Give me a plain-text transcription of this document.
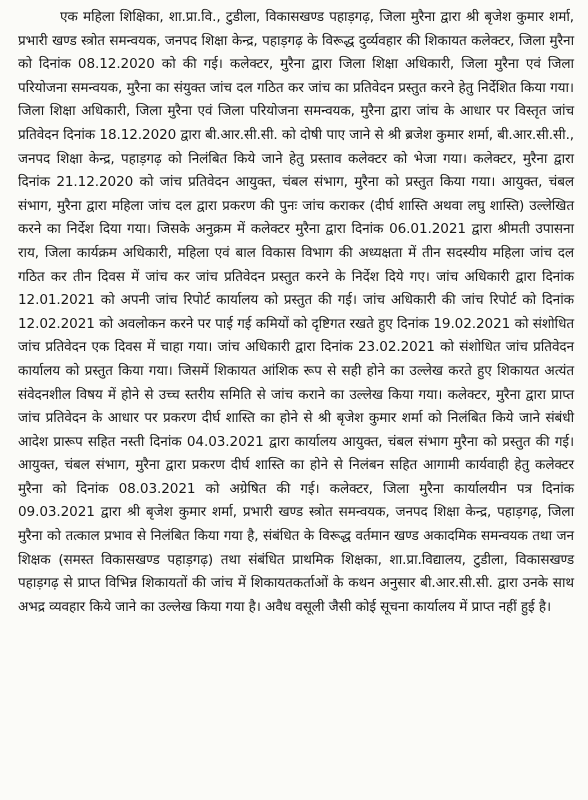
एक महिला शिक्षिका, शा.प्रा.वि., टुडीला, विकासखण्ड पहाड़गढ़, जिला मुरैना द्वारा श्री बृजेश कुमार शर्मा, प्रभारी खण्ड स्त्रोत समन्वयक, जनपद शिक्षा केन्द्र, पहाड़गढ़ के विरूद्ध दुर्व्यवहार की शिकायत कलेक्टर, जिला मुरैना को दिनांक 08.12.2020 को की गई। कलेक्टर, मुरैना द्वारा जिला शिक्षा अधिकारी, जिला मुरैना एवं जिला परियोजना समन्वयक, मुरैना का संयुक्त जांच दल गठित कर जांच का प्रतिवेदन प्रस्तुत करने हेतु निर्देशित किया गया। जिला शिक्षा अधिकारी, जिला मुरैना एवं जिला परियोजना समन्वयक, मुरैना द्वारा जांच के आधार पर विस्तृत जांच प्रतिवेदन दिनांक 18.12.2020 द्वारा बी.आर.सी.सी. को दोषी पाए जाने से श्री ब्रजेश कुमार शर्मा, बी.आर.सी.सी., जनपद शिक्षा केन्द्र, पहाड़गढ़ को निलंबित किये जाने हेतु प्रस्ताव कलेक्टर को भेजा गया। कलेक्टर, मुरैना द्वारा दिनांक 21.12.2020 को जांच प्रतिवेदन आयुक्त, चंबल संभाग, मुरैना को प्रस्तुत किया गया। आयुक्त, चंबल संभाग, मुरैना द्वारा महिला जांच दल द्वारा प्रकरण की पुनः जांच कराकर (दीर्घ शास्ति अथवा लघु शास्ति) उल्लेखित करने का निर्देश दिया गया। जिसके अनुक्रम में कलेक्टर मुरैना द्वारा दिनांक 06.01.2021 द्वारा श्रीमती उपासना राय, जिला कार्यक्रम अधिकारी, महिला एवं बाल विकास विभाग की अध्यक्षता में तीन सदस्यीय महिला जांच दल गठित कर तीन दिवस में जांच कर जांच प्रतिवेदन प्रस्तुत करने के निर्देश दिये गए। जांच अधिकारी द्वारा दिनांक 12.01.2021 को अपनी जांच रिपोर्ट कार्यालय को प्रस्तुत की गई। जांच अधिकारी की जांच रिपोर्ट को दिनांक 12.02.2021 को अवलोकन करने पर पाई गई कमियों को दृष्टिगत रखते हुए दिनांक 19.02.2021 को संशोधित जांच प्रतिवेदन एक दिवस में चाहा गया। जांच अधिकारी द्वारा दिनांक 23.02.2021 को संशोधित जांच प्रतिवेदन कार्यालय को प्रस्तुत किया गया। जिसमें शिकायत आंशिक रूप से सही होने का उल्लेख करते हुए शिकायत अत्यंत संवेदनशील विषय में होने से उच्च स्तरीय समिति से जांच कराने का उल्लेख किया गया। कलेक्टर, मुरैना द्वारा प्राप्त जांच प्रतिवेदन के आधार पर प्रकरण दीर्घ शास्ति का होने से श्री बृजेश कुमार शर्मा को निलंबित किये जाने संबंधी आदेश प्रारूप सहित नस्ती दिनांक 04.03.2021 द्वारा कार्यालय आयुक्त, चंबल संभाग मुरैना को प्रस्तुत की गई। आयुक्त, चंबल संभाग, मुरैना द्वारा प्रकरण दीर्घ शास्ति का होने से निलंबन सहित आगामी कार्यवाही हेतु कलेक्टर मुरैना को दिनांक 08.03.2021 को अग्रेषित की गई। कलेक्टर, जिला मुरैना कार्यालयीन पत्र दिनांक 09.03.2021 द्वारा श्री बृजेश कुमार शर्मा, प्रभारी खण्ड स्त्रोत समन्वयक, जनपद शिक्षा केन्द्र, पहाड़गढ़, जिला मुरैना को तत्काल प्रभाव से निलंबित किया गया है, संबंधित के विरूद्ध वर्तमान खण्ड अकादमिक समन्वयक तथा जन शिक्षक (समस्त विकासखण्ड पहाड़गढ़) तथा संबंधित प्राथमिक शिक्षका, शा.प्रा.विद्यालय, टुडीला, विकासखण्ड पहाड़गढ़ से प्राप्त विभिन्न शिकायतों की जांच में शिकायतकर्ताओं के कथन अनुसार बी.आर.सी.सी. द्वारा उनके साथ अभद्र व्यवहार किये जाने का उल्लेख किया गया है। अवैध वसूली जैसी कोई सूचना कार्यालय में प्राप्त नहीं हुई है।
